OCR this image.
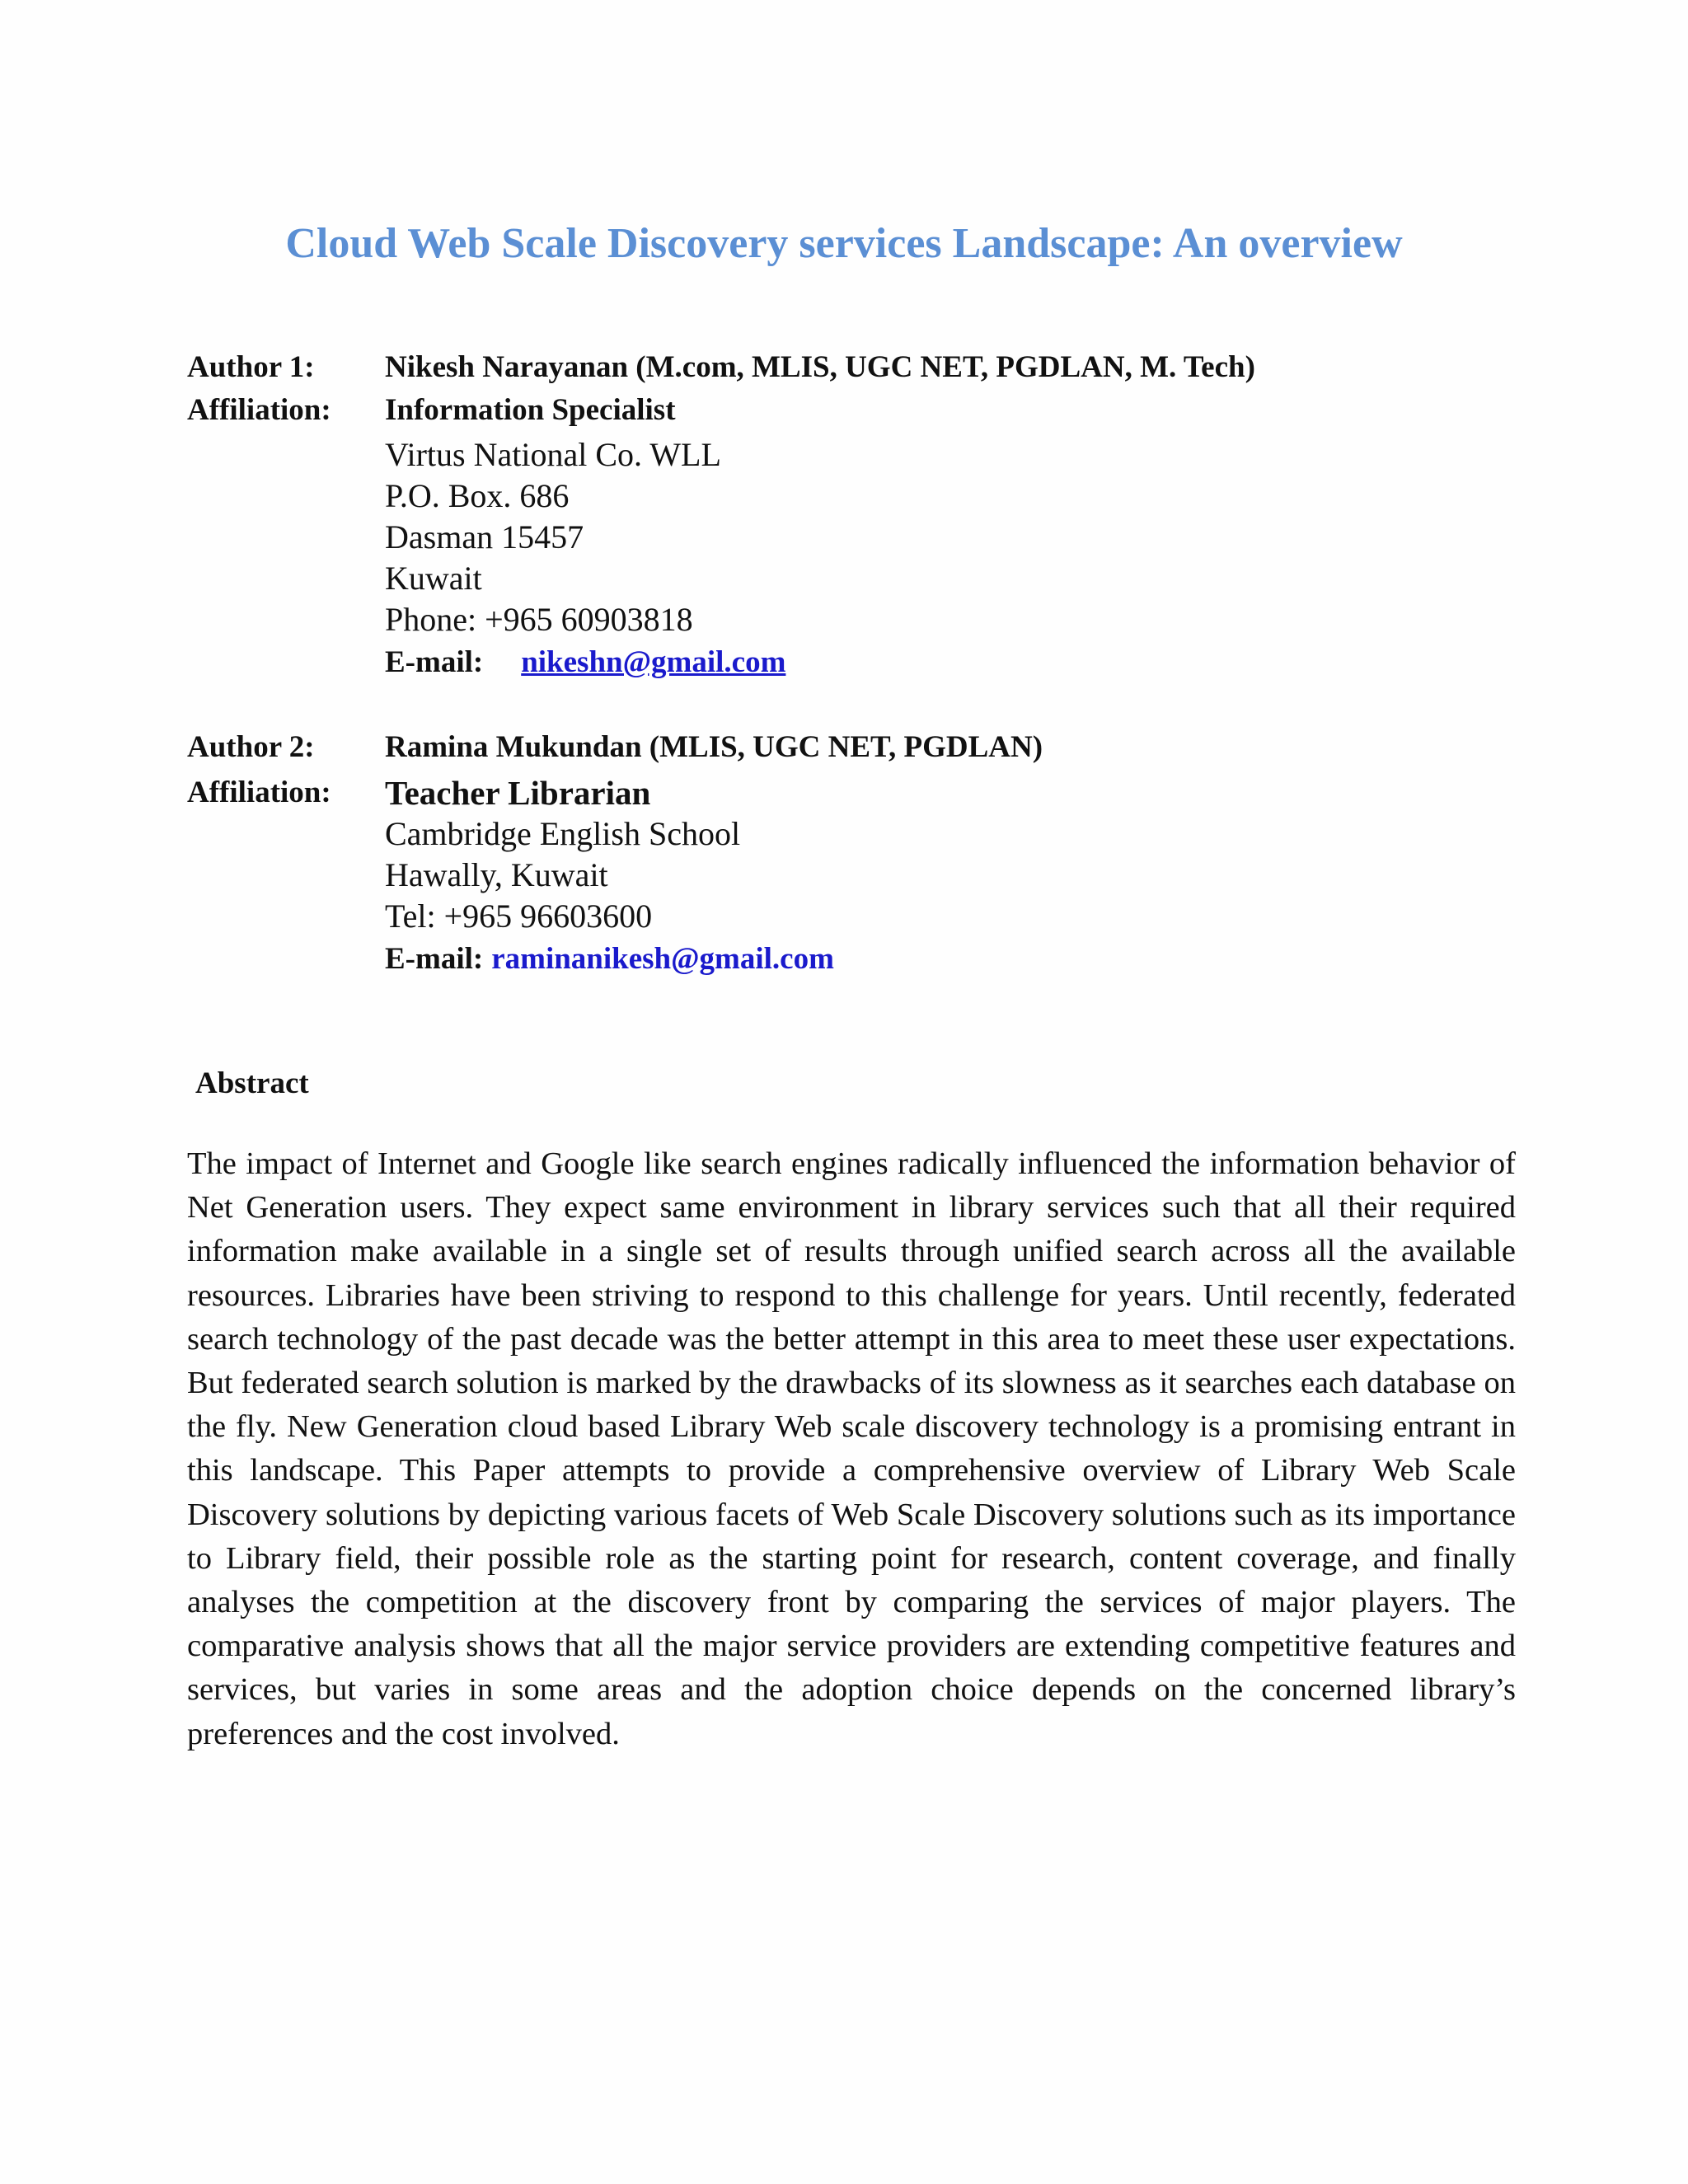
Cloud Web Scale Discovery services Landscape: An overview
Author 1: Nikesh Narayanan (M.com, MLIS, UGC NET, PGDLAN, M. Tech)
Affiliation: Information Specialist
Virtus National Co. WLL
P.O. Box. 686
Dasman 15457
Kuwait
Phone: +965 60903818
E-mail: nikeshn@gmail.com
Author 2: Ramina Mukundan (MLIS, UGC NET, PGDLAN)
Affiliation: Teacher Librarian
Cambridge English School
Hawally, Kuwait
Tel: +965 96603600
E-mail: raminanikesh@gmail.com
Abstract

The impact of Internet and Google like search engines radically influenced the information behavior of Net Generation users. They expect same environment in library services such that all their required information make available in a single set of results through unified search across all the available resources. Libraries have been striving to respond to this challenge for years. Until recently, federated search technology of the past decade was the better attempt in this area to meet these user expectations. But federated search solution is marked by the drawbacks of its slowness as it searches each database on the fly. New Generation cloud based Library Web scale discovery technology is a promising entrant in this landscape. This Paper attempts to provide a comprehensive overview of Library Web Scale Discovery solutions by depicting various facets of Web Scale Discovery solutions such as its importance to Library field, their possible role as the starting point for research, content coverage, and finally analyses the competition at the discovery front by comparing the services of major players. The comparative analysis shows that all the major service providers are extending competitive features and services, but varies in some areas and the adoption choice depends on the concerned library’s preferences and the cost involved.
